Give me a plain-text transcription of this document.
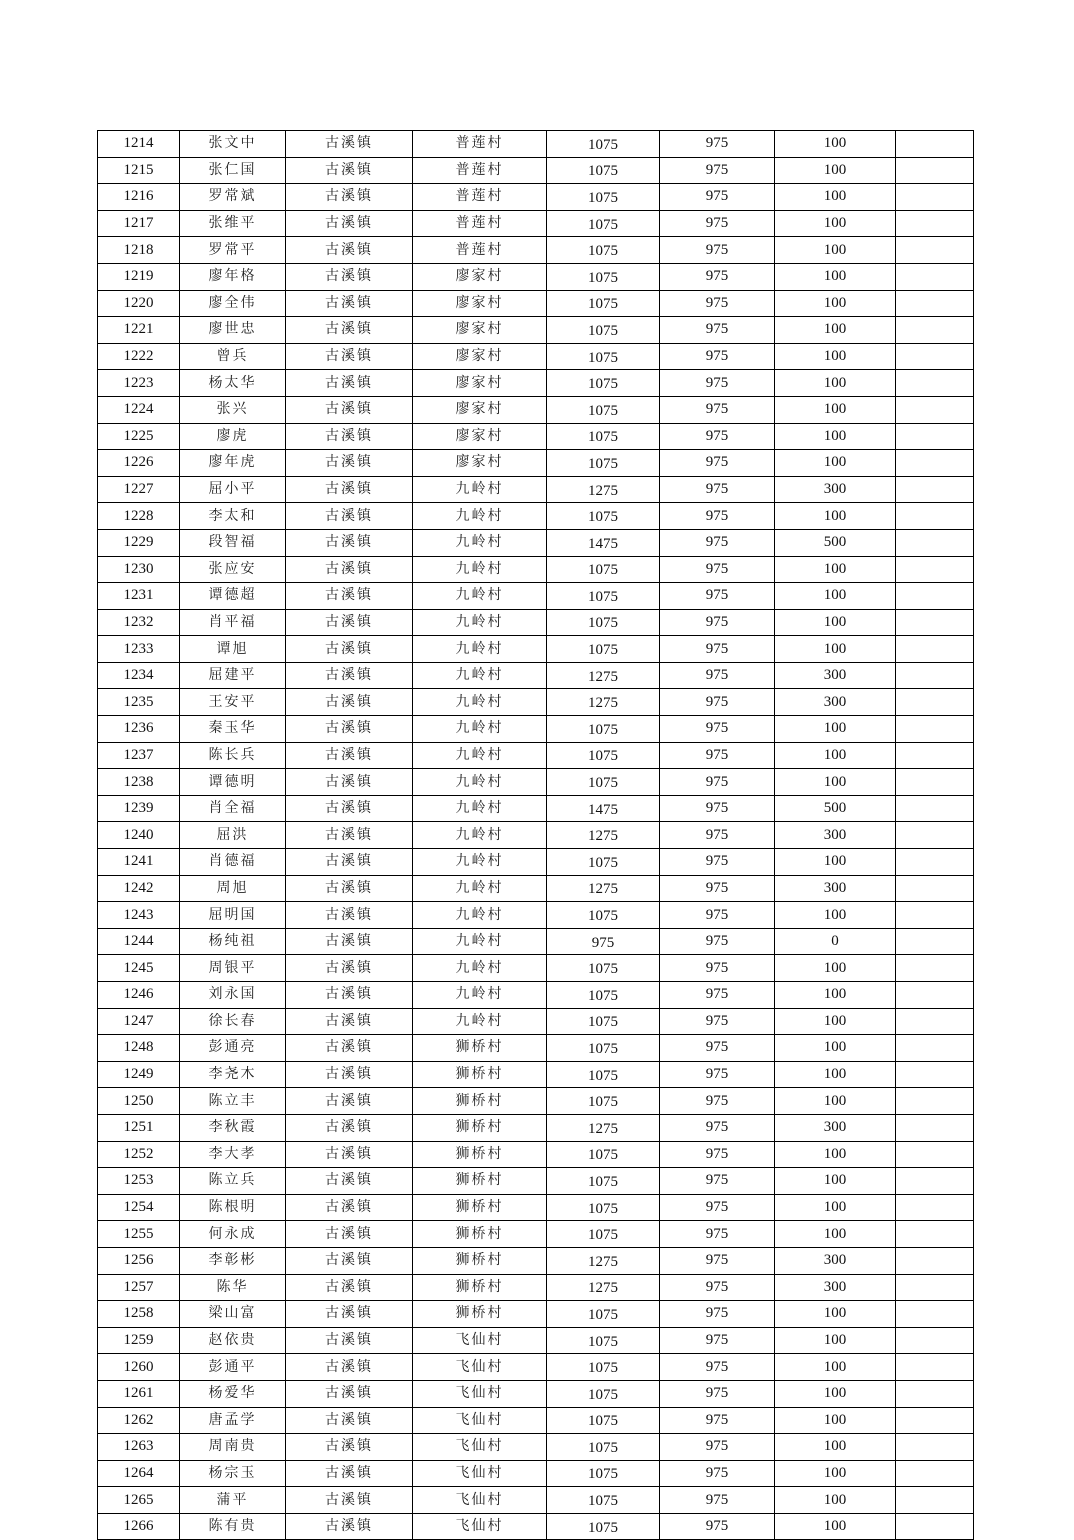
1214	张文中	古溪镇	普莲村	1075	975	100	
1215	张仁国	古溪镇	普莲村	1075	975	100	
1216	罗常斌	古溪镇	普莲村	1075	975	100	
1217	张维平	古溪镇	普莲村	1075	975	100	
1218	罗常平	古溪镇	普莲村	1075	975	100	
1219	廖年格	古溪镇	廖家村	1075	975	100	
1220	廖全伟	古溪镇	廖家村	1075	975	100	
1221	廖世忠	古溪镇	廖家村	1075	975	100	
1222	曾兵	古溪镇	廖家村	1075	975	100	
1223	杨太华	古溪镇	廖家村	1075	975	100	
1224	张兴	古溪镇	廖家村	1075	975	100	
1225	廖虎	古溪镇	廖家村	1075	975	100	
1226	廖年虎	古溪镇	廖家村	1075	975	100	
1227	屈小平	古溪镇	九岭村	1275	975	300	
1228	李太和	古溪镇	九岭村	1075	975	100	
1229	段智福	古溪镇	九岭村	1475	975	500	
1230	张应安	古溪镇	九岭村	1075	975	100	
1231	谭德超	古溪镇	九岭村	1075	975	100	
1232	肖平福	古溪镇	九岭村	1075	975	100	
1233	谭旭	古溪镇	九岭村	1075	975	100	
1234	屈建平	古溪镇	九岭村	1275	975	300	
1235	王安平	古溪镇	九岭村	1275	975	300	
1236	秦玉华	古溪镇	九岭村	1075	975	100	
1237	陈长兵	古溪镇	九岭村	1075	975	100	
1238	谭德明	古溪镇	九岭村	1075	975	100	
1239	肖全福	古溪镇	九岭村	1475	975	500	
1240	屈洪	古溪镇	九岭村	1275	975	300	
1241	肖德福	古溪镇	九岭村	1075	975	100	
1242	周旭	古溪镇	九岭村	1275	975	300	
1243	屈明国	古溪镇	九岭村	1075	975	100	
1244	杨纯祖	古溪镇	九岭村	975	975	0	
1245	周银平	古溪镇	九岭村	1075	975	100	
1246	刘永国	古溪镇	九岭村	1075	975	100	
1247	徐长春	古溪镇	九岭村	1075	975	100	
1248	彭通亮	古溪镇	狮桥村	1075	975	100	
1249	李尧木	古溪镇	狮桥村	1075	975	100	
1250	陈立丰	古溪镇	狮桥村	1075	975	100	
1251	李秋霞	古溪镇	狮桥村	1275	975	300	
1252	李大孝	古溪镇	狮桥村	1075	975	100	
1253	陈立兵	古溪镇	狮桥村	1075	975	100	
1254	陈根明	古溪镇	狮桥村	1075	975	100	
1255	何永成	古溪镇	狮桥村	1075	975	100	
1256	李彰彬	古溪镇	狮桥村	1275	975	300	
1257	陈华	古溪镇	狮桥村	1275	975	300	
1258	梁山富	古溪镇	狮桥村	1075	975	100	
1259	赵依贵	古溪镇	飞仙村	1075	975	100	
1260	彭通平	古溪镇	飞仙村	1075	975	100	
1261	杨爱华	古溪镇	飞仙村	1075	975	100	
1262	唐孟学	古溪镇	飞仙村	1075	975	100	
1263	周南贵	古溪镇	飞仙村	1075	975	100	
1264	杨宗玉	古溪镇	飞仙村	1075	975	100	
1265	蒲平	古溪镇	飞仙村	1075	975	100	
1266	陈有贵	古溪镇	飞仙村	1075	975	100	
